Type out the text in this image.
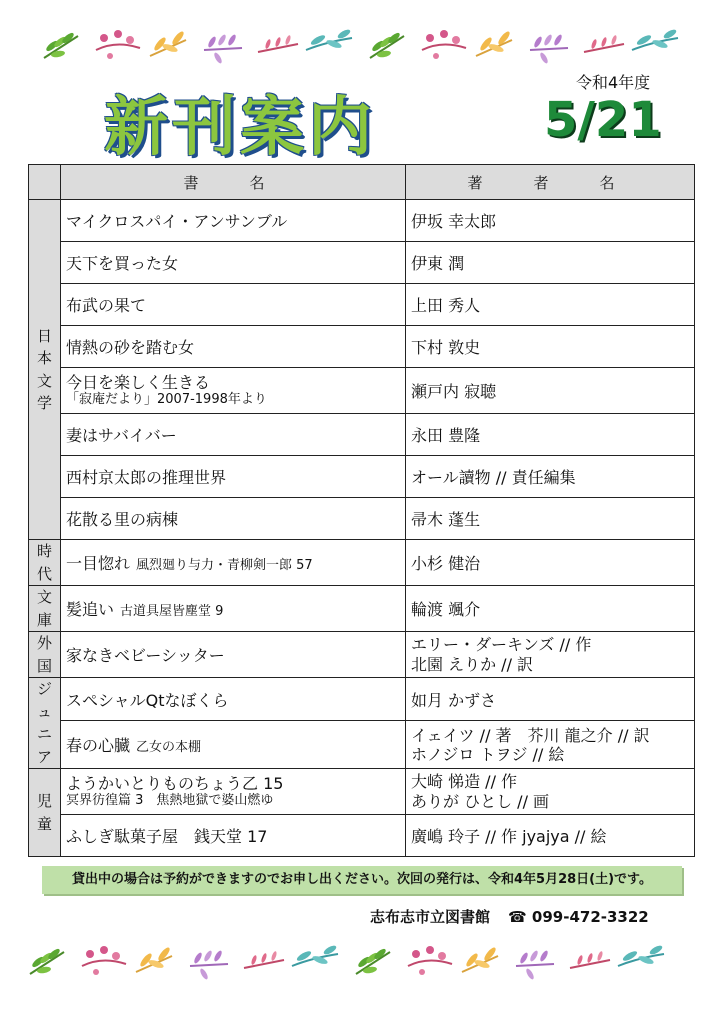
新刊案内
令和4年度
5/21
	書　名	著　者　名
日本文学	マイクロスパイ・アンサンブル	伊坂 幸太郎
	天下を買った女	伊東 潤
	布武の果て	上田 秀人
	情熱の砂を踏む女	下村 敦史

	今日を楽しく生きる
「寂庵だより」2007-1998年より	瀬戸内 寂聴
	妻はサバイバー	永田 豊隆
	西村京太郎の推理世界	オール讀物 // 責任編集
	花散る里の病棟	帚木 蓬生
時代	一目惚れ 風烈廻り与力・青柳剣一郎 57	小杉 健治
文庫	髪追い 古道具屋皆塵堂 9	輪渡 颯介
外国	家なきベビーシッター	エリー・ダーキンズ // 作
北園 えりか // 訳

ジュニア	スペシャルQtなぼくら	如月 かずさ
	春の心臓 乙女の本棚	イェイツ // 著　芥川 龍之介 // 訳
ホノジロ トヲジ // 絵

児童	ようかいとりものちょう乙 15
冥界彷徨篇 3　焦熱地獄で婆山燃ゆ	大崎 悌造 // 作
ありが ひとし // 画

	ふしぎ駄菓子屋　銭天堂 17	廣嶋 玲子 // 作 jyajya // 絵
貸出中の場合は予約ができますのでお申し出ください。次回の発行は、令和4年5月28日(土)です。
志布志市立図書館 ☎ 099-472-3322
